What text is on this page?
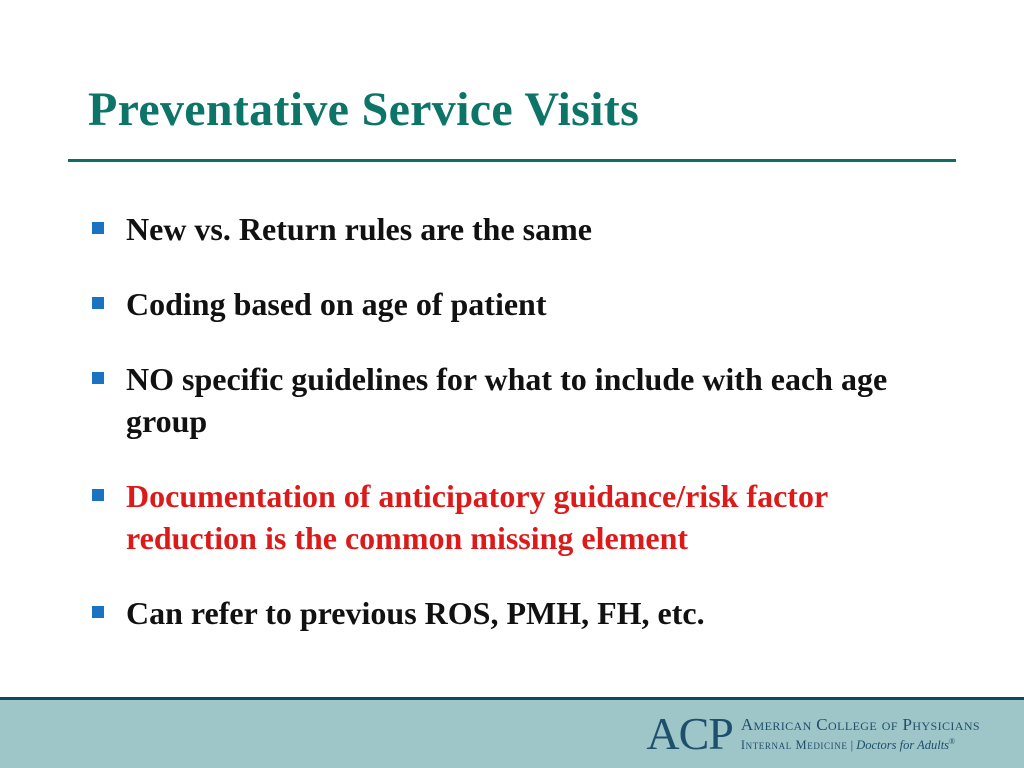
Preventative Service Visits
New vs. Return rules are the same
Coding based on age of patient
NO specific guidelines for what to include with each age group
Documentation of anticipatory guidance/risk factor reduction is the common missing element
Can refer to previous ROS, PMH, FH, etc.
ACP American College of Physicians
Internal Medicine | Doctors for Adults®
